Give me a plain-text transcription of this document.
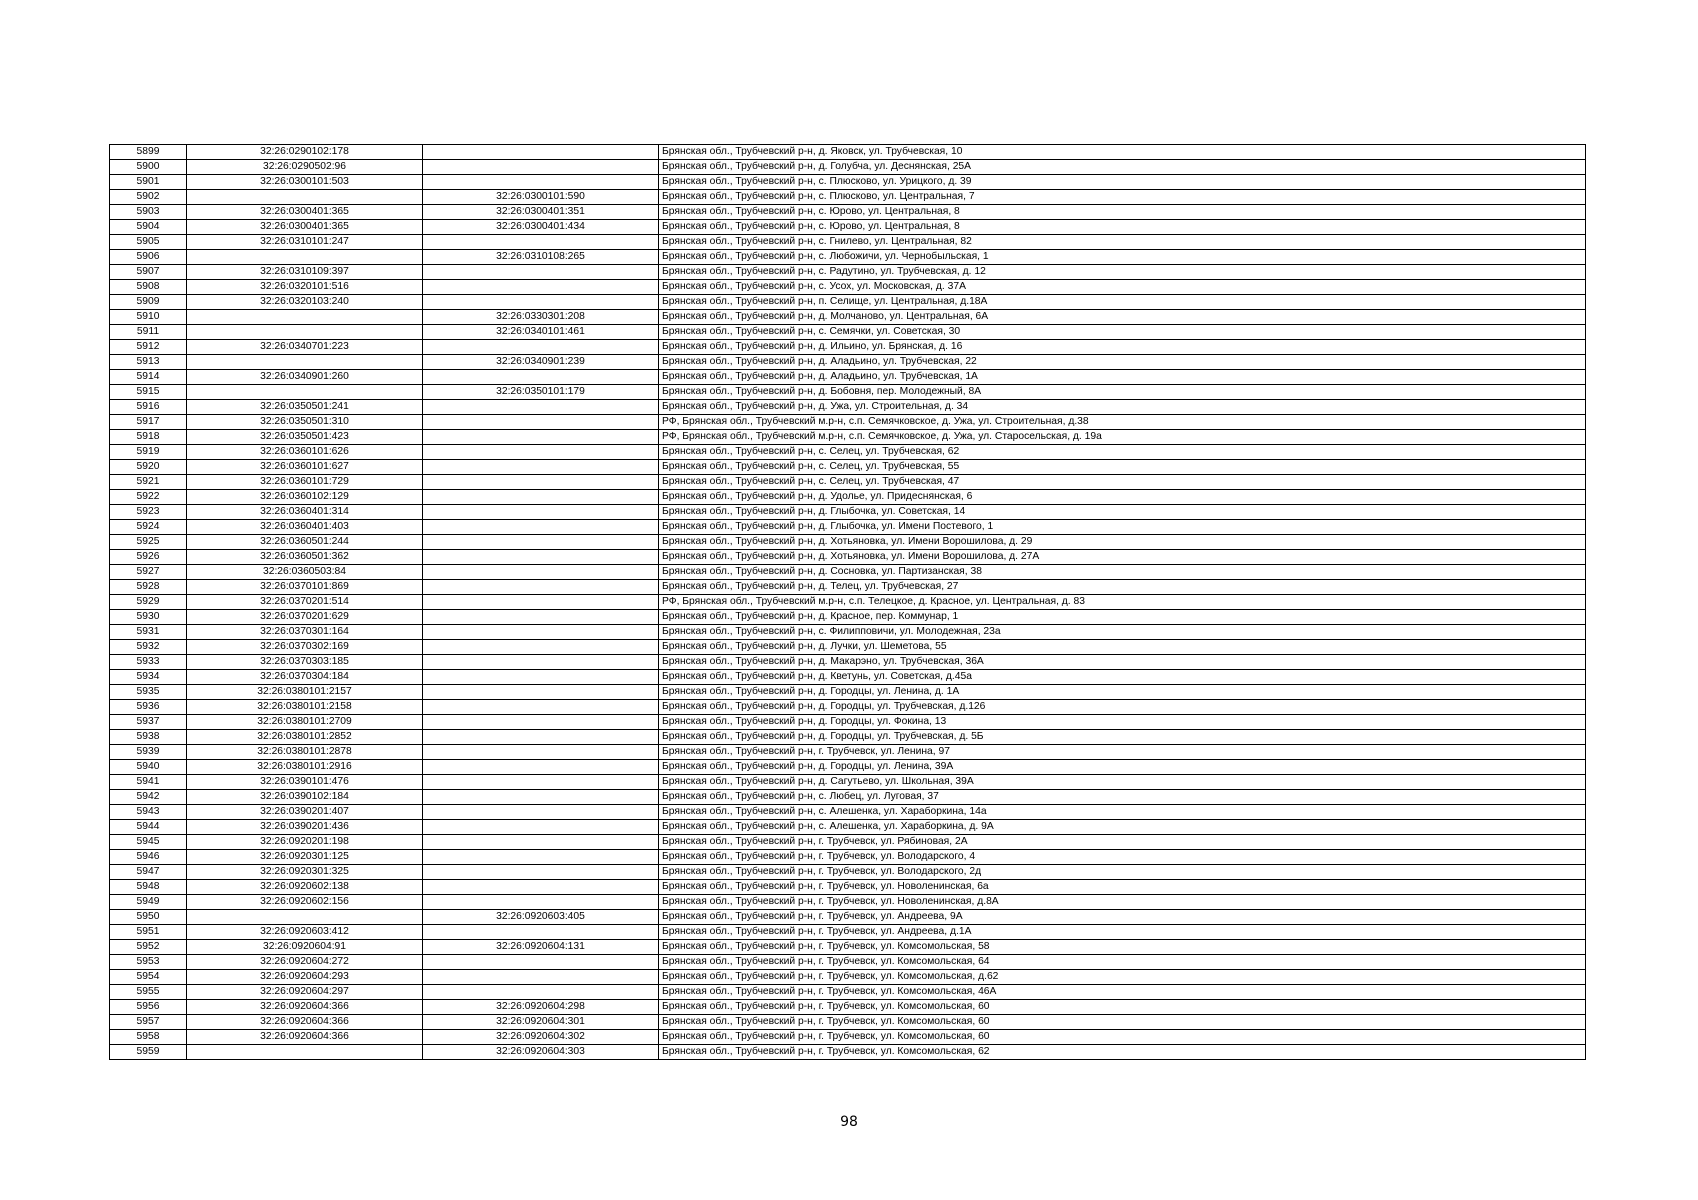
5899	32:26:0290102:178		Брянская обл., Трубчевский р-н, д. Яковск, ул. Трубчевская, 10
5900	32:26:0290502:96		Брянская обл., Трубчевский р-н, д. Голубча, ул. Деснянская, 25А
5901	32:26:0300101:503		Брянская обл., Трубчевский р-н, с. Плюсково, ул. Урицкого, д. 39
5902		32:26:0300101:590	Брянская обл., Трубчевский р-н, с. Плюсково, ул. Центральная, 7
5903	32:26:0300401:365	32:26:0300401:351	Брянская обл., Трубчевский р-н, с. Юрово, ул. Центральная, 8
5904	32:26:0300401:365	32:26:0300401:434	Брянская обл., Трубчевский р-н, с. Юрово, ул. Центральная, 8
5905	32:26:0310101:247		Брянская обл., Трубчевский р-н, с. Гнилево, ул. Центральная, 82
5906		32:26:0310108:265	Брянская обл., Трубчевский р-н, с. Любожичи, ул. Чернобыльская, 1
5907	32:26:0310109:397		Брянская обл., Трубчевский р-н, с. Радутино, ул. Трубчевская, д. 12
5908	32:26:0320101:516		Брянская обл., Трубчевский р-н, с. Усох, ул. Московская, д. 37А
5909	32:26:0320103:240		Брянская обл., Трубчевский р-н, п. Селище, ул. Центральная, д.18А
5910		32:26:0330301:208	Брянская обл., Трубчевский р-н, д. Молчаново, ул. Центральная, 6А
5911		32:26:0340101:461	Брянская обл., Трубчевский р-н, с. Семячки, ул. Советская, 30
5912	32:26:0340701:223		Брянская обл., Трубчевский р-н, д. Ильино, ул. Брянская, д. 16
5913		32:26:0340901:239	Брянская обл., Трубчевский р-н, д. Аладьино, ул. Трубчевская, 22
5914	32:26:0340901:260		Брянская обл., Трубчевский р-н, д. Аладьино, ул. Трубчевская, 1А
5915		32:26:0350101:179	Брянская обл., Трубчевский р-н, д. Бобовня, пер. Молодежный, 8А
5916	32:26:0350501:241		Брянская обл., Трубчевский р-н, д. Ужа, ул. Строительная, д. 34
5917	32:26:0350501:310		РФ, Брянская обл., Трубчевский м.р-н, с.п. Семячковское, д. Ужа, ул. Строительная, д.38
5918	32:26:0350501:423		РФ, Брянская обл., Трубчевский м.р-н, с.п. Семячковское, д. Ужа, ул. Старосельская, д. 19а
5919	32:26:0360101:626		Брянская обл., Трубчевский р-н, с. Селец, ул. Трубчевская, 62
5920	32:26:0360101:627		Брянская обл., Трубчевский р-н, с. Селец, ул. Трубчевская, 55
5921	32:26:0360101:729		Брянская обл., Трубчевский р-н, с. Селец, ул. Трубчевская, 47
5922	32:26:0360102:129		Брянская обл., Трубчевский р-н, д. Удолье, ул. Придеснянская, 6
5923	32:26:0360401:314		Брянская обл., Трубчевский р-н, д. Глыбочка, ул. Советская, 14
5924	32:26:0360401:403		Брянская обл., Трубчевский р-н, д. Глыбочка, ул. Имени Постевого, 1
5925	32:26:0360501:244		Брянская обл., Трубчевский р-н, д. Хотьяновка, ул. Имени Ворошилова, д. 29
5926	32:26:0360501:362		Брянская обл., Трубчевский р-н, д. Хотьяновка, ул. Имени Ворошилова, д. 27А
5927	32:26:0360503:84		Брянская обл., Трубчевский р-н, д. Сосновка, ул. Партизанская, 38
5928	32:26:0370101:869		Брянская обл., Трубчевский р-н, д. Телец, ул. Трубчевская, 27
5929	32:26:0370201:514		РФ, Брянская обл., Трубчевский м.р-н, с.п. Телецкое, д. Красное, ул. Центральная, д. 83
5930	32:26:0370201:629		Брянская обл., Трубчевский р-н, д. Красное, пер. Коммунар, 1
5931	32:26:0370301:164		Брянская обл., Трубчевский р-н, с. Филипповичи, ул. Молодежная, 23а
5932	32:26:0370302:169		Брянская обл., Трубчевский р-н, д. Лучки, ул. Шеметова, 55
5933	32:26:0370303:185		Брянская обл., Трубчевский р-н, д. Макарэно, ул. Трубчевская, 36А
5934	32:26:0370304:184		Брянская обл., Трубчевский р-н, д. Кветунь, ул. Советская, д.45а
5935	32:26:0380101:2157		Брянская обл., Трубчевский р-н, д. Городцы, ул. Ленина, д. 1А
5936	32:26:0380101:2158		Брянская обл., Трубчевский р-н, д. Городцы, ул. Трубчевская, д.126
5937	32:26:0380101:2709		Брянская обл., Трубчевский р-н, д. Городцы, ул. Фокина, 13
5938	32:26:0380101:2852		Брянская обл., Трубчевский р-н, д. Городцы, ул. Трубчевская, д. 5Б
5939	32:26:0380101:2878		Брянская обл., Трубчевский р-н, г. Трубчевск, ул. Ленина, 97
5940	32:26:0380101:2916		Брянская обл., Трубчевский р-н, д. Городцы, ул. Ленина, 39А
5941	32:26:0390101:476		Брянская обл., Трубчевский р-н, д. Сагутьево, ул. Школьная, 39А
5942	32:26:0390102:184		Брянская обл., Трубчевский р-н, с. Любец, ул. Луговая, 37
5943	32:26:0390201:407		Брянская обл., Трубчевский р-н, с. Алешенка, ул. Хараборкина, 14а
5944	32:26:0390201:436		Брянская обл., Трубчевский р-н, с. Алешенка, ул. Хараборкина, д. 9А
5945	32:26:0920201:198		Брянская обл., Трубчевский р-н, г. Трубчевск, ул. Рябиновая, 2А
5946	32:26:0920301:125		Брянская обл., Трубчевский р-н, г. Трубчевск, ул. Володарского, 4
5947	32:26:0920301:325		Брянская обл., Трубчевский р-н, г. Трубчевск, ул. Володарского, 2д
5948	32:26:0920602:138		Брянская обл., Трубчевский р-н, г. Трубчевск, ул. Новоленинская, 6а
5949	32:26:0920602:156		Брянская обл., Трубчевский р-н, г. Трубчевск, ул. Новоленинская, д.8А
5950		32:26:0920603:405	Брянская обл., Трубчевский р-н, г. Трубчевск, ул. Андреева, 9А
5951	32:26:0920603:412		Брянская обл., Трубчевский р-н, г. Трубчевск, ул. Андреева, д.1А
5952	32:26:0920604:91	32:26:0920604:131	Брянская обл., Трубчевский р-н, г. Трубчевск, ул. Комсомольская, 58
5953	32:26:0920604:272		Брянская обл., Трубчевский р-н, г. Трубчевск, ул. Комсомольская, 64
5954	32:26:0920604:293		Брянская обл., Трубчевский р-н, г. Трубчевск, ул. Комсомольская, д.62
5955	32:26:0920604:297		Брянская обл., Трубчевский р-н, г. Трубчевск, ул. Комсомольская, 46А
5956	32:26:0920604:366	32:26:0920604:298	Брянская обл., Трубчевский р-н, г. Трубчевск, ул. Комсомольская, 60
5957	32:26:0920604:366	32:26:0920604:301	Брянская обл., Трубчевский р-н, г. Трубчевск, ул. Комсомольская, 60
5958	32:26:0920604:366	32:26:0920604:302	Брянская обл., Трубчевский р-н, г. Трубчевск, ул. Комсомольская, 60
5959		32:26:0920604:303	Брянская обл., Трубчевский р-н, г. Трубчевск, ул. Комсомольская, 62
98
